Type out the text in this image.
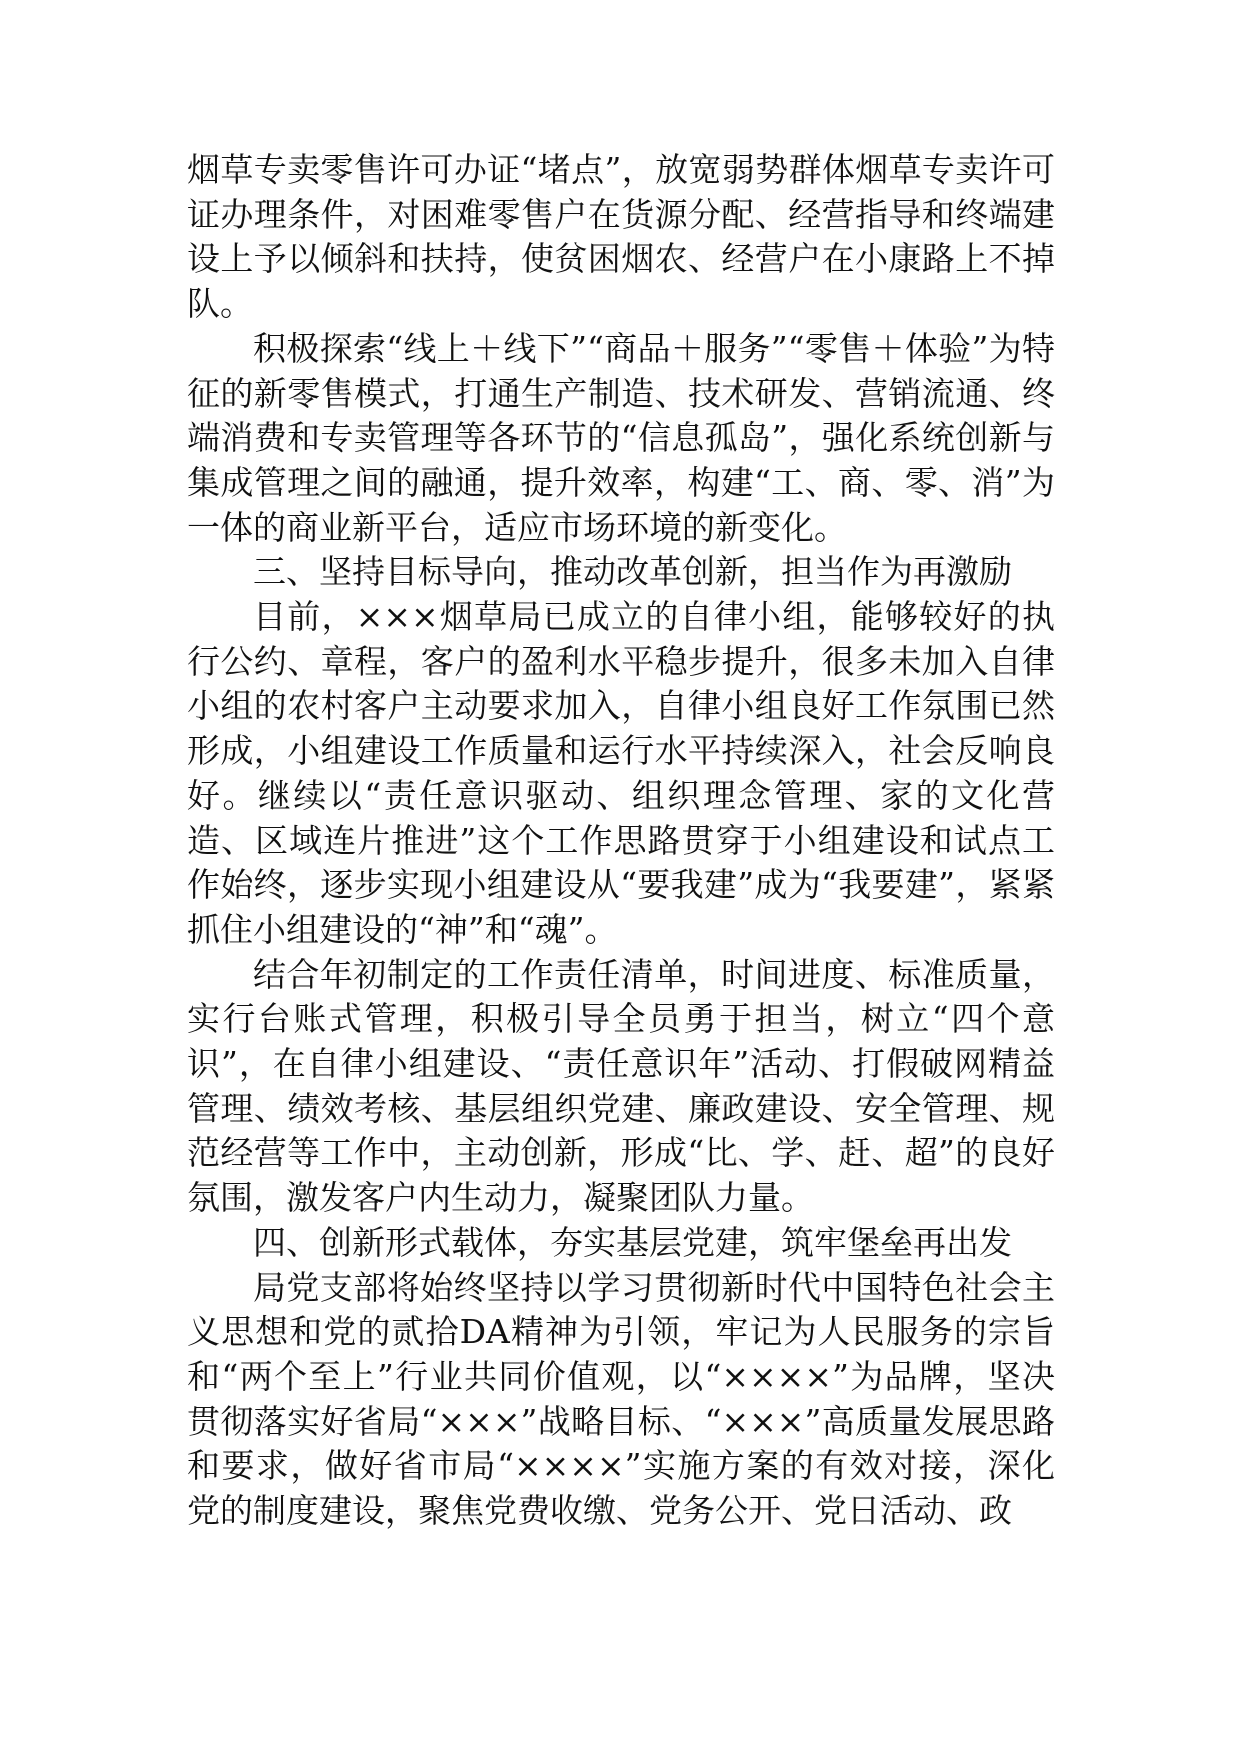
烟草专卖零售许可办证“堵点”，放宽弱势群体烟草专卖许可证办理条件，对困难零售户在货源分配、经营指导和终端建设上予以倾斜和扶持，使贫困烟农、经营户在小康路上不掉队。

积极探索“线上＋线下”“商品＋服务”“零售＋体验”为特征的新零售模式，打通生产制造、技术研发、营销流通、终端消费和专卖管理等各环节的“信息孤岛”，强化系统创新与集成管理之间的融通，提升效率，构建“工、商、零、消”为一体的商业新平台，适应市场环境的新变化。

三、坚持目标导向，推动改革创新，担当作为再激励

目前，×××烟草局已成立的自律小组，能够较好的执行公约、章程，客户的盈利水平稳步提升，很多未加入自律小组的农村客户主动要求加入，自律小组良好工作氛围已然形成，小组建设工作质量和运行水平持续深入，社会反响良好。继续以“责任意识驱动、组织理念管理、家的文化营造、区域连片推进”这个工作思路贯穿于小组建设和试点工作始终，逐步实现小组建设从“要我建”成为“我要建”，紧紧抓住小组建设的“神”和“魂”。

结合年初制定的工作责任清单，时间进度、标准质量，实行台账式管理，积极引导全员勇于担当，树立“四个意识”，在自律小组建设、“责任意识年”活动、打假破网精益管理、绩效考核、基层组织党建、廉政建设、安全管理、规范经营等工作中，主动创新，形成“比、学、赶、超”的良好氛围，激发客户内生动力，凝聚团队力量。

四、创新形式载体，夯实基层党建，筑牢堡垒再出发

局党支部将始终坚持以学习贯彻新时代中国特色社会主义思想和党的贰拾DA精神为引领，牢记为人民服务的宗旨和“两个至上”行业共同价值观，以“××××”为品牌，坚决贯彻落实好省局“×××”战略目标、“×××”高质量发展思路和要求，做好省市局“××××”实施方案的有效对接，深化党的制度建设，聚焦党费收缴、党务公开、党日活动、政
